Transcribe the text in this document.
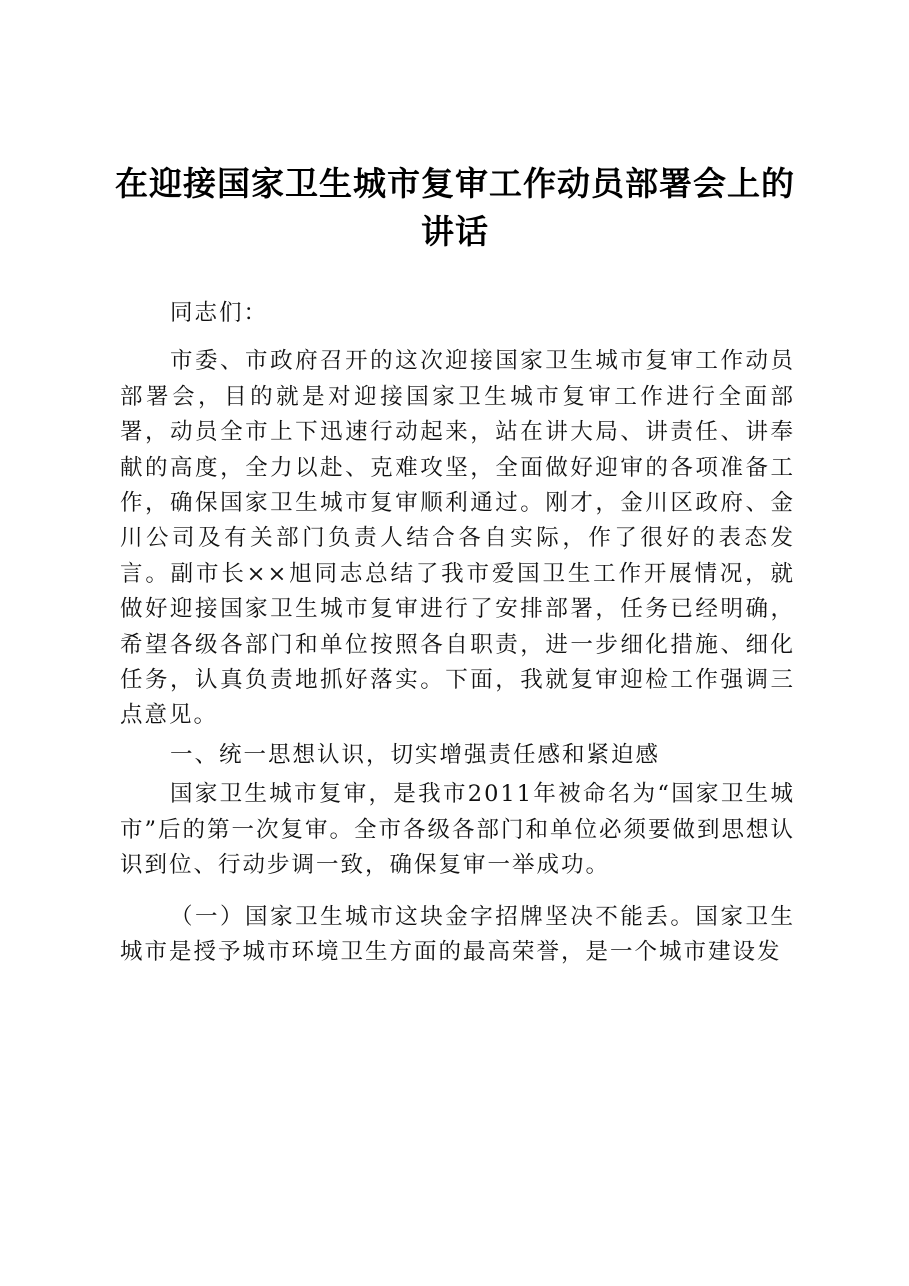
在迎接国家卫生城市复审工作动员部署会上的讲话

同志们：

市委、市政府召开的这次迎接国家卫生城市复审工作动员部署会，目的就是对迎接国家卫生城市复审工作进行全面部署，动员全市上下迅速行动起来，站在讲大局、讲责任、讲奉献的高度，全力以赴、克难攻坚，全面做好迎审的各项准备工作，确保国家卫生城市复审顺利通过。刚才，金川区政府、金川公司及有关部门负责人结合各自实际，作了很好的表态发言。副市长××旭同志总结了我市爱国卫生工作开展情况，就做好迎接国家卫生城市复审进行了安排部署，任务已经明确，希望各级各部门和单位按照各自职责，进一步细化措施、细化任务，认真负责地抓好落实。下面，我就复审迎检工作强调三点意见。

一、统一思想认识，切实增强责任感和紧迫感

国家卫生城市复审，是我市2011年被命名为“国家卫生城市”后的第一次复审。全市各级各部门和单位必须要做到思想认识到位、行动步调一致，确保复审一举成功。

（一）国家卫生城市这块金字招牌坚决不能丢。国家卫生城市是授予城市环境卫生方面的最高荣誉，是一个城市建设发
